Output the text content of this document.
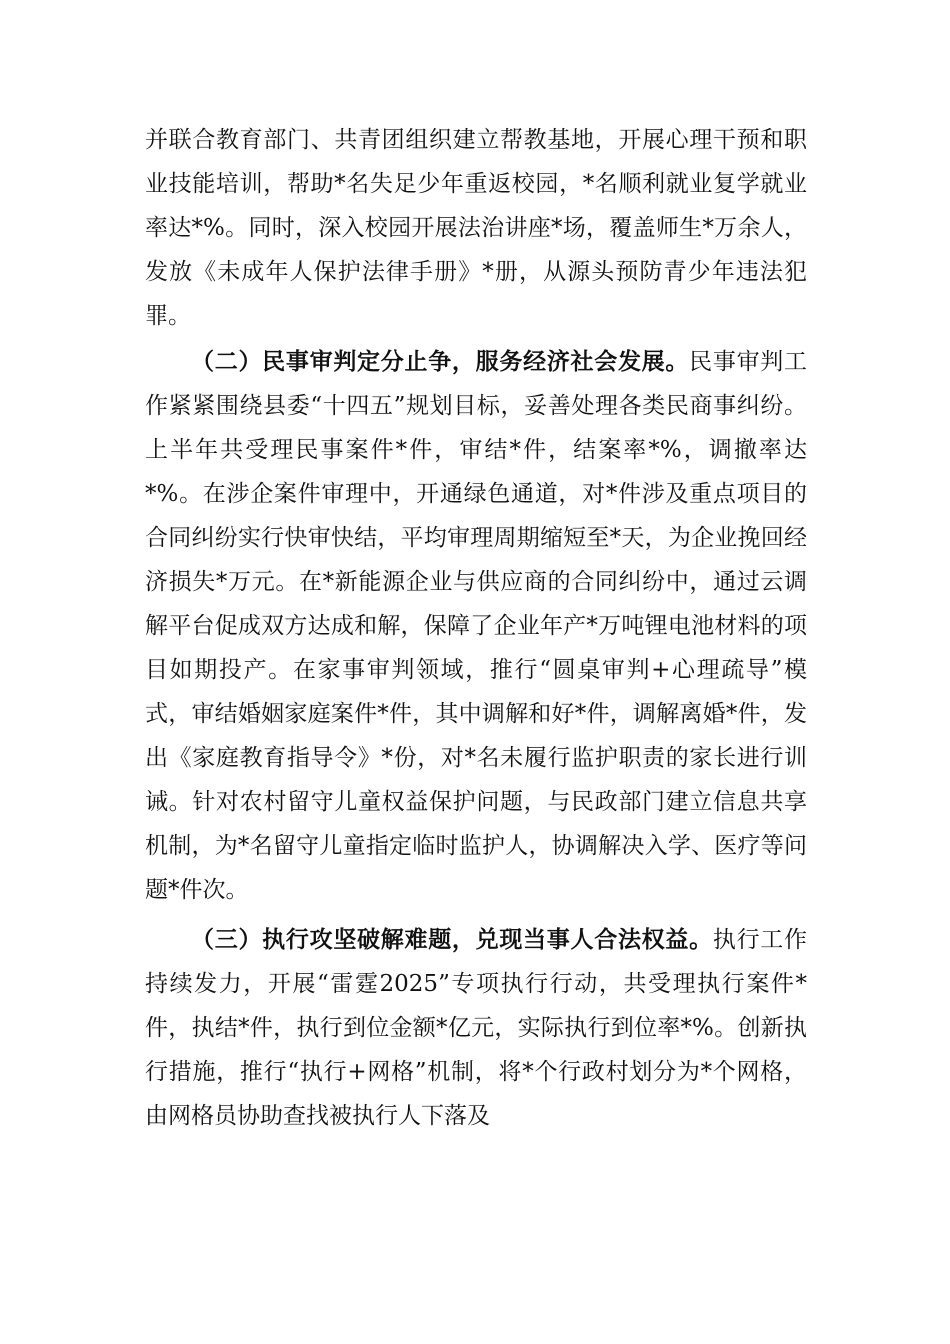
并联合教育部门、共青团组织建立帮教基地，开展心理干预和职业技能培训，帮助*名失足少年重返校园，*名顺利就业复学就业率达*%。同时，深入校园开展法治讲座*场，覆盖师生*万余人，发放《未成年人保护法律手册》*册，从源头预防青少年违法犯罪。

（二）民事审判定分止争，服务经济社会发展。民事审判工作紧紧围绕县委“十四五”规划目标，妥善处理各类民商事纠纷。上半年共受理民事案件*件，审结*件，结案率*%，调撤率达*%。在涉企案件审理中，开通绿色通道，对*件涉及重点项目的合同纠纷实行快审快结，平均审理周期缩短至*天，为企业挽回经济损失*万元。在*新能源企业与供应商的合同纠纷中，通过云调解平台促成双方达成和解，保障了企业年产*万吨锂电池材料的项目如期投产。在家事审判领域，推行“圆桌审判+心理疏导”模式，审结婚姻家庭案件*件，其中调解和好*件，调解离婚*件，发出《家庭教育指导令》*份，对*名未履行监护职责的家长进行训诫。针对农村留守儿童权益保护问题，与民政部门建立信息共享机制，为*名留守儿童指定临时监护人，协调解决入学、医疗等问题*件次。

（三）执行攻坚破解难题，兑现当事人合法权益。执行工作持续发力，开展“雷霆2025”专项执行行动，共受理执行案件*件，执结*件，执行到位金额*亿元，实际执行到位率*%。创新执行措施，推行“执行+网格”机制，将*个行政村划分为*个网格，由网格员协助查找被执行人下落及
